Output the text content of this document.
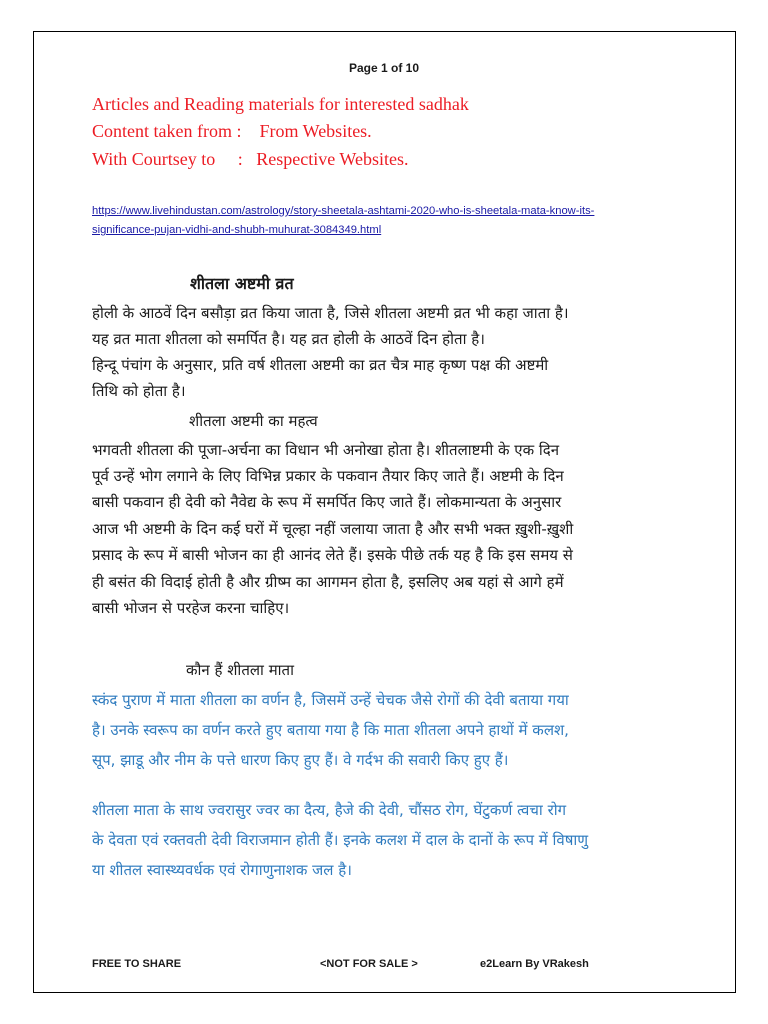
Page 1 of 10
Articles and Reading materials for interested sadhak
Content taken from :    From Websites.
With Courtsey to     :   Respective Websites.
https://www.livehindustan.com/astrology/story-sheetala-ashtami-2020-who-is-sheetala-mata-know-its-
significance-pujan-vidhi-and-shubh-muhurat-3084349.html
शीतला अष्टमी व्रत
होली के आठवें दिन बसौड़ा व्रत किया जाता है, जिसे शीतला अष्टमी व्रत भी कहा जाता है।
यह व्रत माता शीतला को समर्पित है। यह व्रत होली के आठवें दिन होता है।
हिन्दू पंचांग के अनुसार, प्रति वर्ष शीतला अष्टमी का व्रत चैत्र माह कृष्ण पक्ष की अष्टमी
तिथि को होता है।
शीतला अष्टमी का महत्व
भगवती शीतला की पूजा-अर्चना का विधान भी अनोखा होता है। शीतलाष्टमी के एक दिन
पूर्व उन्हें भोग लगाने के लिए विभिन्न प्रकार के पकवान तैयार किए जाते हैं। अष्टमी के दिन
बासी पकवान ही देवी को नैवेद्य के रूप में समर्पित किए जाते हैं। लोकमान्यता के अनुसार
आज भी अष्टमी के दिन कई घरों में चूल्हा नहीं जलाया जाता है और सभी भक्त ख़ुशी-ख़ुशी
प्रसाद के रूप में बासी भोजन का ही आनंद लेते हैं। इसके पीछे तर्क यह है कि इस समय से
ही बसंत की विदाई होती है और ग्रीष्म का आगमन होता है, इसलिए अब यहां से आगे हमें
बासी भोजन से परहेज करना चाहिए।
कौन हैं शीतला माता
स्कंद पुराण में माता शीतला का वर्णन है, जिसमें उन्हें चेचक जैसे रोगों की देवी बताया गया
है। उनके स्वरूप का वर्णन करते हुए बताया गया है कि माता शीतला अपने हाथों में कलश,
सूप, झाडू और नीम के पत्ते धारण किए हुए हैं। वे गर्दभ की सवारी किए हुए हैं।
शीतला माता के साथ ज्वरासुर ज्वर का दैत्य, हैजे की देवी, चौंसठ रोग, घेंटुकर्ण त्वचा रोग
के देवता एवं रक्तवती देवी विराजमान होती हैं। इनके कलश में दाल के दानों के रूप में विषाणु
या शीतल स्वास्थ्यवर्धक एवं रोगाणुनाशक जल है।
FREE TO SHARE	<NOT FOR SALE >	e2Learn By VRakesh
